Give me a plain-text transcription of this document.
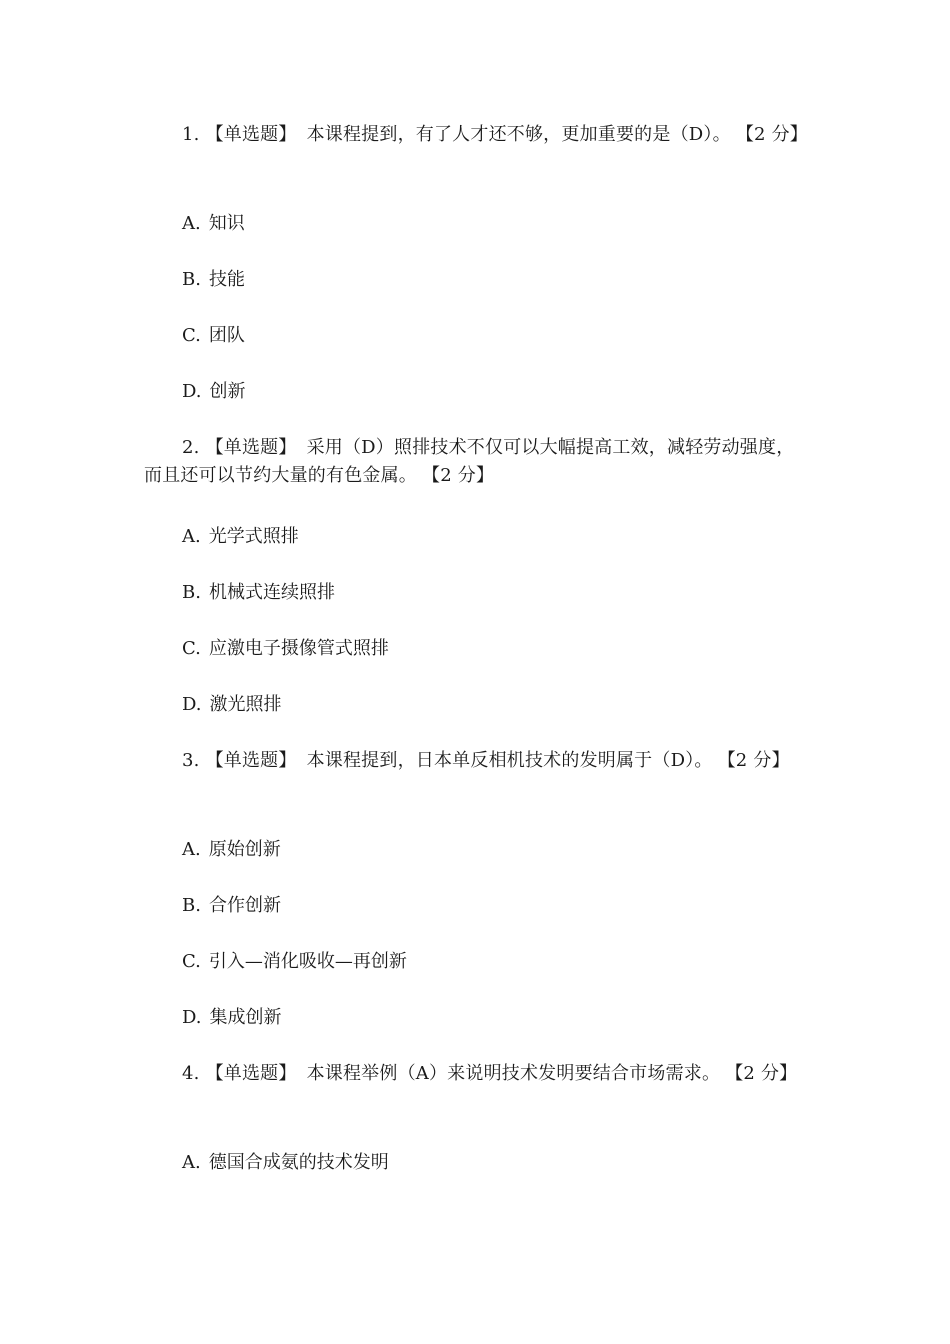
1. 【单选题】 本课程提到，有了人才还不够，更加重要的是（D）。 【2 分】

A. 知识

B. 技能

C. 团队

D. 创新

2. 【单选题】 采用（D）照排技术不仅可以大幅提高工效，减轻劳动强度，而且还可以节约大量的有色金属。 【2 分】

A. 光学式照排

B. 机械式连续照排

C. 应激电子摄像管式照排

D. 激光照排

3. 【单选题】 本课程提到，日本单反相机技术的发明属于（D）。 【2 分】

A. 原始创新

B. 合作创新

C. 引入—消化吸收—再创新

D. 集成创新

4. 【单选题】 本课程举例（A）来说明技术发明要结合市场需求。 【2 分】

A. 德国合成氨的技术发明
